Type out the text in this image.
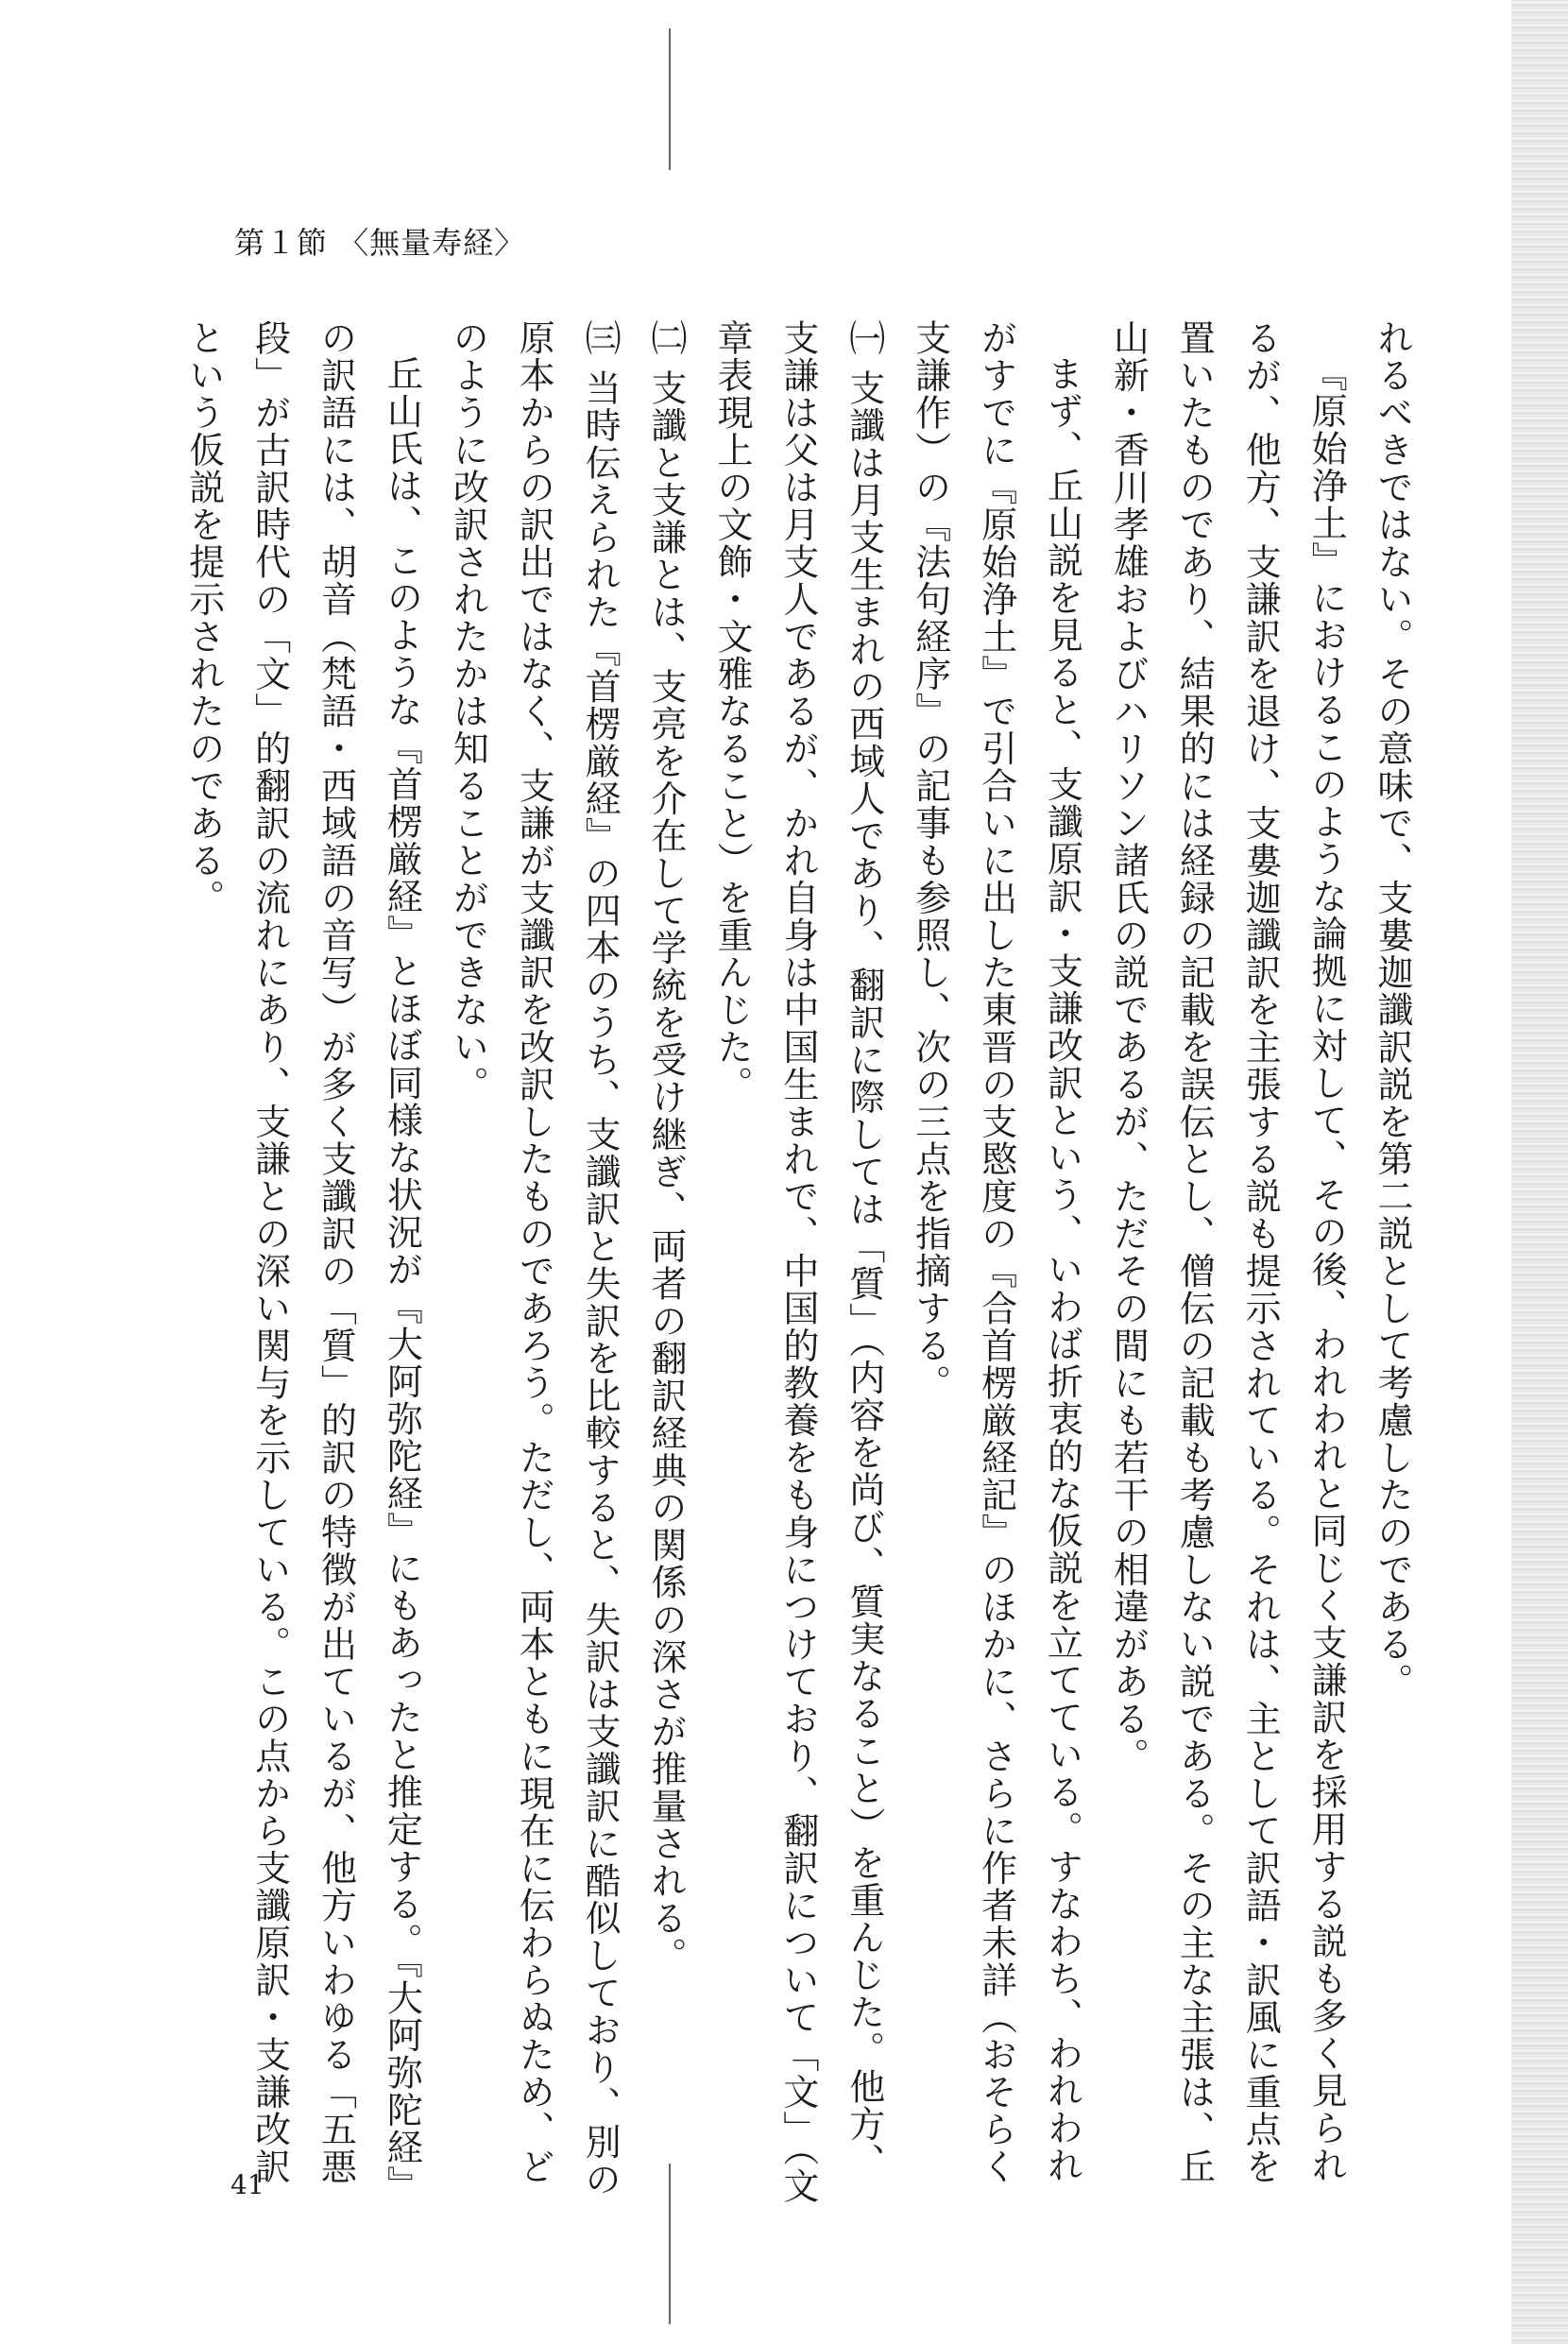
第１節 〈無量寿経〉

れるべきではない。その意味で、支婁迦讖訳説を第二説として考慮したのである。

『原始浄土』におけるこのような論拠に対して、その後、われわれと同じく支謙訳を採用する説も多く見られるが、他方、支謙訳を退け、支婁迦讖訳を主張する説も提示されている。それは、主として訳語・訳風に重点を置いたものであり、結果的には経録の記載を誤伝とし、僧伝の記載も考慮しない説である。その主な主張は、丘山新・香川孝雄およびハリソン諸氏の説であるが、ただその間にも若干の相違がある。

まず、丘山説を見ると、支讖原訳・支謙改訳という、いわば折衷的な仮説を立てている。すなわち、われわれがすでに『原始浄土』で引合いに出した東晋の支愍度の『合首楞厳経記』のほかに、さらに作者未詳（おそらく支謙作）の『法句経序』の記事も参照し、次の三点を指摘する。

㈠ 支讖は月支生まれの西域人であり、翻訳に際しては「質」（内容を尚び、質実なること）を重んじた。他方、支謙は父は月支人であるが、かれ自身は中国生まれで、中国的教養をも身につけており、翻訳について「文」（文章表現上の文飾・文雅なること）を重んじた。

㈡ 支讖と支謙とは、支亮を介在して学統を受け継ぎ、両者の翻訳経典の関係の深さが推量される。

㈢ 当時伝えられた『首楞厳経』の四本のうち、支讖訳と失訳を比較すると、失訳は支讖訳に酷似しており、別の原本からの訳出ではなく、支謙が支讖訳を改訳したものであろう。ただし、両本ともに現在に伝わらぬため、どのように改訳されたかは知ることができない。

丘山氏は、このような『首楞厳経』とほぼ同様な状況が『大阿弥陀経』にもあったと推定する。『大阿弥陀経』の訳語には、胡音（梵語・西域語の音写）が多く支讖訳の「質」的訳の特徴が出ているが、他方いわゆる「五悪段」が古訳時代の「文」的翻訳の流れにあり、支謙との深い関与を示している。この点から支讖原訳・支謙改訳という仮説を提示されたのである。

41
